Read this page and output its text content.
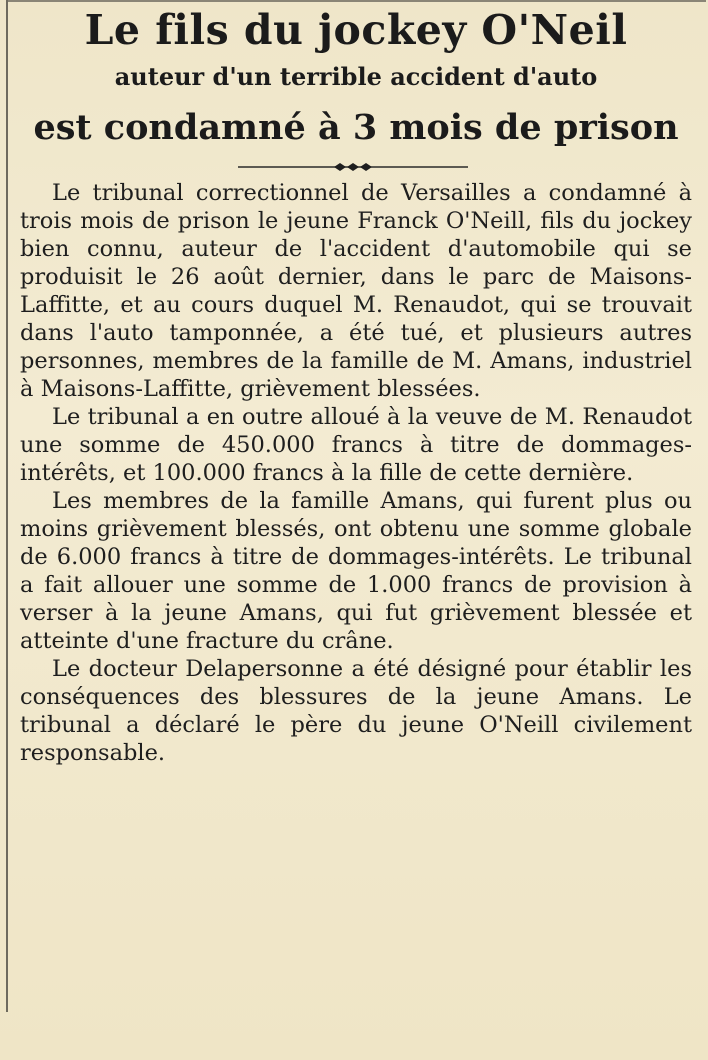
Le fils du jockey O'Neil
auteur d'un terrible accident d'auto
est condamné à 3 mois de prison

Le tribunal correctionnel de Versailles a condamné à trois mois de prison le jeune Franck O'Neill, fils du jockey bien connu, auteur de l'accident d'automobile qui se produisit le 26 août dernier, dans le parc de Maisons-Laffitte, et au cours duquel M. Renaudot, qui se trouvait dans l'auto tamponnée, a été tué, et plusieurs autres personnes, membres de la famille de M. Amans, industriel à Maisons-Laffitte, grièvement blessées.

Le tribunal a en outre alloué à la veuve de M. Renaudot une somme de 450.000 francs à titre de dommages-intérêts, et 100.000 francs à la fille de cette dernière.

Les membres de la famille Amans, qui furent plus ou moins grièvement blessés, ont obtenu une somme globale de 6.000 francs à titre de dommages-intérêts. Le tribunal a fait allouer une somme de 1.000 francs de provision à verser à la jeune Amans, qui fut grièvement blessée et atteinte d'une fracture du crâne.

Le docteur Delapersonne a été désigné pour établir les conséquences des blessures de la jeune Amans. Le tribunal a déclaré le père du jeune O'Neill civilement responsable.
